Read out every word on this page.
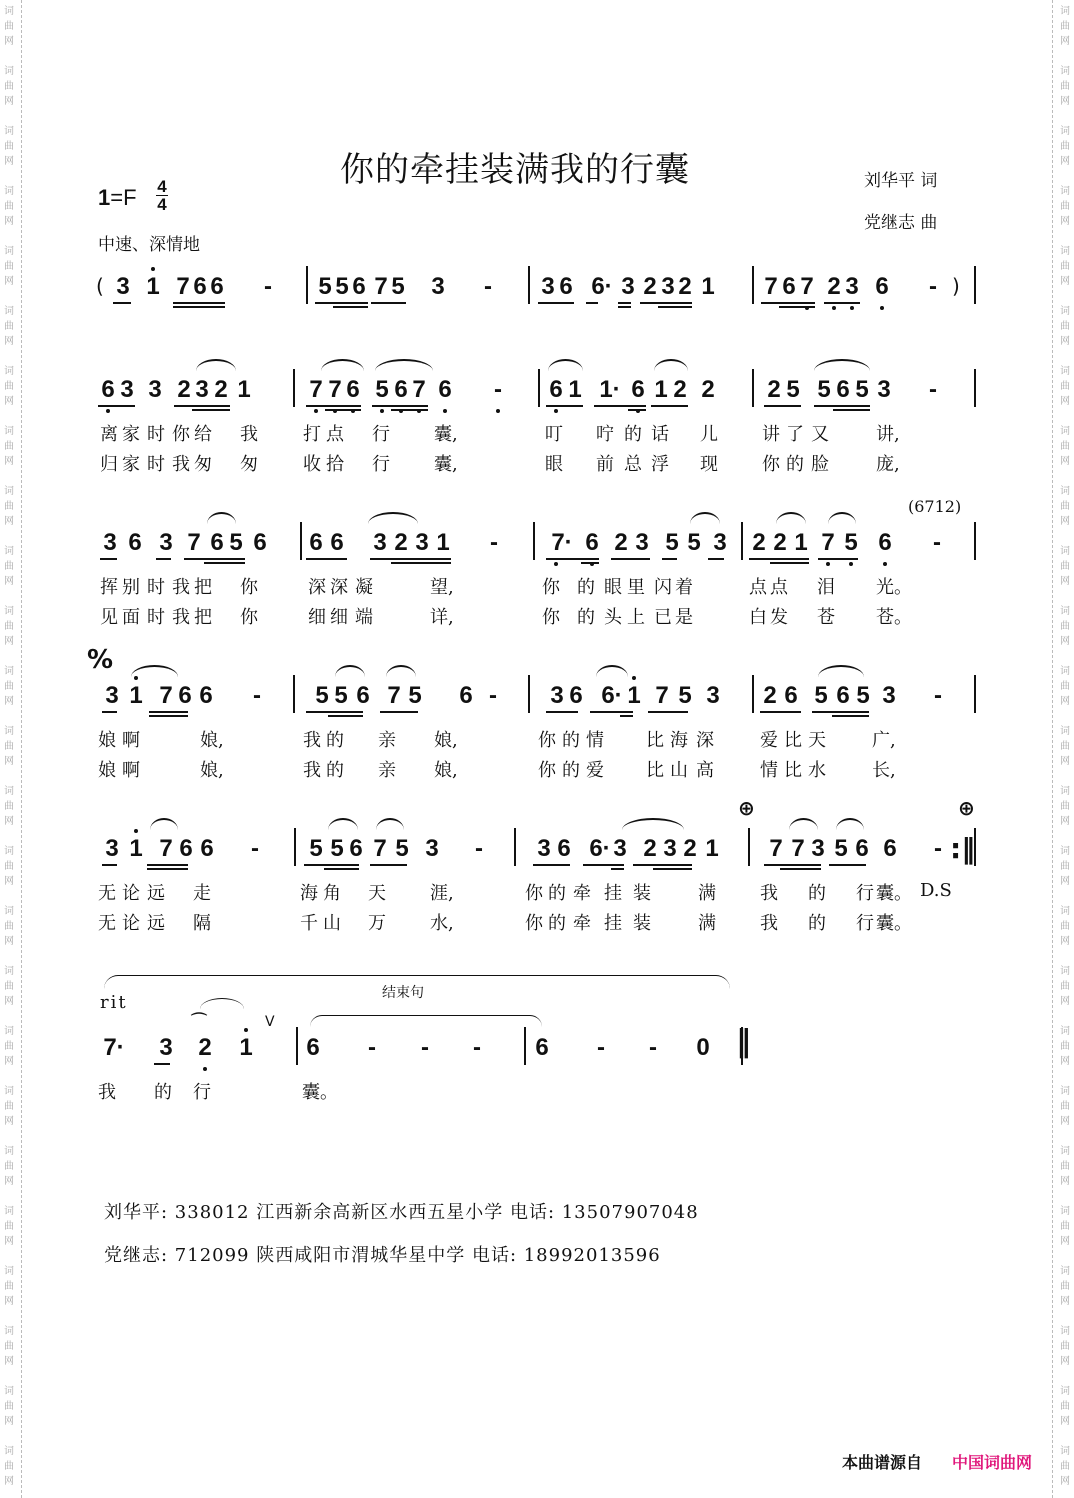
词
曲
网
词
曲
网
词
曲
网
词
曲
网
词
曲
网
词
曲
网
词
曲
网
词
曲
网
词
曲
网
词
曲
网
词
曲
网
词
曲
网
词
曲
网
词
曲
网
词
曲
网
词
曲
网
词
曲
网
词
曲
网
词
曲
网
词
曲
网
词
曲
网
词
曲
网
词
曲
网
词
曲
网
词
曲
网
词
曲
网
词
曲
网
词
曲
网
词
曲
网
词
曲
网
词
曲
网
词
曲
网
词
曲
网
词
曲
网
词
曲
网
词
曲
网
词
曲
网
词
曲
网
词
曲
网
词
曲
网
词
曲
网
词
曲
网
词
曲
网
词
曲
网
词
曲
网
词
曲
网
词
曲
网
词
曲
网
词
曲
网
词
曲
网
你的牵挂装满我的行囊	刘华平 词
党继志 曲
1=F 4
4
中速、深情地
3 1 7 6 6 - 5 5 6 7 5 3 - 3 6 6· 3 2 3 2 1 7 6 7 2 3 6 -
(	)
6 3 3 2 3 2 1 7 7 6 5 6 7 6 - 6 1 1· 6 1 2 2 2 5 5 6 5 3 -
离 家 时 你 给 我	打 点 行 囊,	叮 咛 的 话 儿 讲 了 又	讲,
归 家 时 我 匆 匆	收 拾 行 囊,	眼 前 总 浮 现 你 的 脸	庞,
3 6 3 7 6 5 6 6 6 3 2 3 1 - 7· 6 2 3 5 5 3 2 2 1 7 5 6 -
挥 别 时 我 把 你	深 深 凝	望,	你 的 眼 里 闪 着	点 点 泪 光。
见 面 时 我 把 你	细 细 端	详,	你 的 头 上 已 是	白 发 苍 苍。
3 1 7 6 6 - 5 5 6 7 5 6 - 3 6 6· 1 7 5 3 2 6 5 6 5 3 -
%
娘 啊	娘,	我 的 亲 娘,	你 的 情 比 海 深	爱 比 天	广,
娘 啊	娘,	我 的 亲 娘,	你 的 爱 比 山 高	情 比 水	长,
3 1 7 6 6 - 5 5 6 7 5 3 - 3 6 6· 3 2 3 2 1 7 7 3 5 6 6 -
⊕	⊕
:‖
无 论 远 走	海 角 天 涯,	你 的 牵 挂 装	满 我 的 行 囊。
无 论 远 隔	千 山 万 水,	你 的 牵 挂 装	满 我 的 行 囊。
7· 3 2 1 6 - - - 6 - - 0
我 的 行	囊。
(6712)
D.S
rit	结束句
⌒	V
‖
刘华平: 338012 江西新余高新区水西五星小学 电话: 13507907048
党继志: 712099 陕西咸阳市渭城华星中学 电话: 18992013596
本曲谱源自 中国词曲网
